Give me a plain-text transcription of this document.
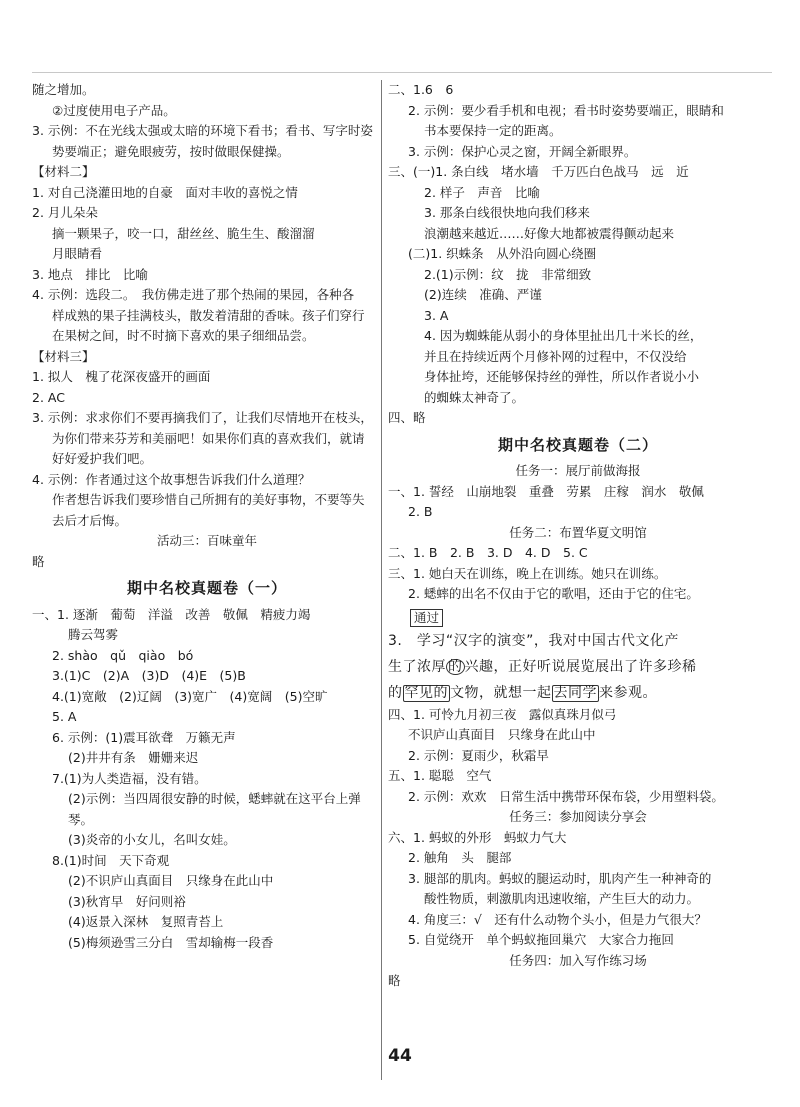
随之增加。
②过度使用电子产品。
3. 示例：不在光线太强或太暗的环境下看书；看书、写字时姿
势要端正；避免眼疲劳，按时做眼保健操。
【材料二】
1. 对自己浇灌田地的自豪　面对丰收的喜悦之情
2. 月儿朵朵
摘一颗果子，咬一口，甜丝丝、脆生生、酸溜溜
月眼睛看
3. 地点　排比　比喻
4. 示例：选段二。　我仿佛走进了那个热闹的果园，各种各
样成熟的果子挂满枝头，散发着清甜的香味。孩子们穿行
在果树之间，时不时摘下喜欢的果子细细品尝。
【材料三】
1. 拟人　槐了花深夜盛开的画面
2. AC
3. 示例：求求你们不要再摘我们了，让我们尽情地开在枝头，
为你们带来芬芳和美丽吧！如果你们真的喜欢我们，就请
好好爱护我们吧。
4. 示例：作者通过这个故事想告诉我们什么道理？
作者想告诉我们要珍惜自己所拥有的美好事物，不要等失
去后才后悔。
活动三：百味童年
略
期中名校真题卷（一）
一、1. 逐渐　葡萄　洋溢　改善　敬佩　精疲力竭
腾云驾雾
2. shào　qǔ　qiào　bó
3.(1)C　(2)A　(3)D　(4)E　(5)B
4.(1)宽敞　(2)辽阔　(3)宽广　(4)宽阔　(5)空旷
5. A
6. 示例：(1)震耳欲聋　万籁无声
(2)井井有条　姗姗来迟
7.(1)为人类造福，没有错。
(2)示例：当四周很安静的时候，蟋蟀就在这平台上弹
琴。
(3)炎帝的小女儿，名叫女娃。
8.(1)时间　天下奇观
(2)不识庐山真面目　只缘身在此山中
(3)秋宵早　好问则裕
(4)返景入深林　复照青苔上
(5)梅须逊雪三分白　雪却输梅一段香
二、1.6　6
2. 示例：要少看手机和电视；看书时姿势要端正，眼睛和
书本要保持一定的距离。
3. 示例：保护心灵之窗，开阔全新眼界。
三、(一)1. 条白线　堵水墙　千万匹白色战马　远　近
2. 样子　声音　比喻
3. 那条白线很快地向我们移来
浪潮越来越近……好像大地都被震得颤动起来
(二)1. 织蛛条　从外沿向圆心绕圈
2.(1)示例：纹　拢　非常细致
(2)连续　准确、严谨
3. A
4. 因为蜘蛛能从弱小的身体里扯出几十米长的丝，
并且在持续近两个月修补网的过程中，不仅没给
身体扯垮，还能够保持丝的弹性，所以作者说小小
的蜘蛛太神奇了。
四、略
期中名校真题卷（二）
任务一：展厅前做海报
一、1. 誓经　山崩地裂　重叠　劳累　庄稼　润水　敬佩
2. B
任务二：布置华夏文明馆
二、1. B　2. B　3. D　4. D　5. C
三、1. 她白天在训练，晚上在训练。她只在训练。
2. 蟋蟀的出名不仅由于它的歌唱，还由于它的住宅。
通过
3.　学习“汉字的演变”，我对中国古代文化产
生了浓厚 的 兴趣，正好听说展览展出了许多珍稀
的 罕见的 文物，就想一起 去同学 来参观。
四、1. 可怜九月初三夜　露似真珠月似弓
不识庐山真面目　只缘身在此山中
2. 示例：夏雨少，秋霜早
五、1. 聪聪　空气
2. 示例：欢欢　日常生活中携带环保布袋，少用塑料袋。
任务三：参加阅读分享会
六、1. 蚂蚁的外形　蚂蚁力气大
2. 触角　头　腿部
3. 腿部的肌肉。蚂蚁的腿运动时，肌肉产生一种神奇的
酸性物质，刺激肌肉迅速收缩，产生巨大的动力。
4. 角度三：√　还有什么动物个头小，但是力气很大？
5. 自觉绕开　单个蚂蚁拖回巢穴　大家合力拖回
任务四：加入写作练习场
略
44
